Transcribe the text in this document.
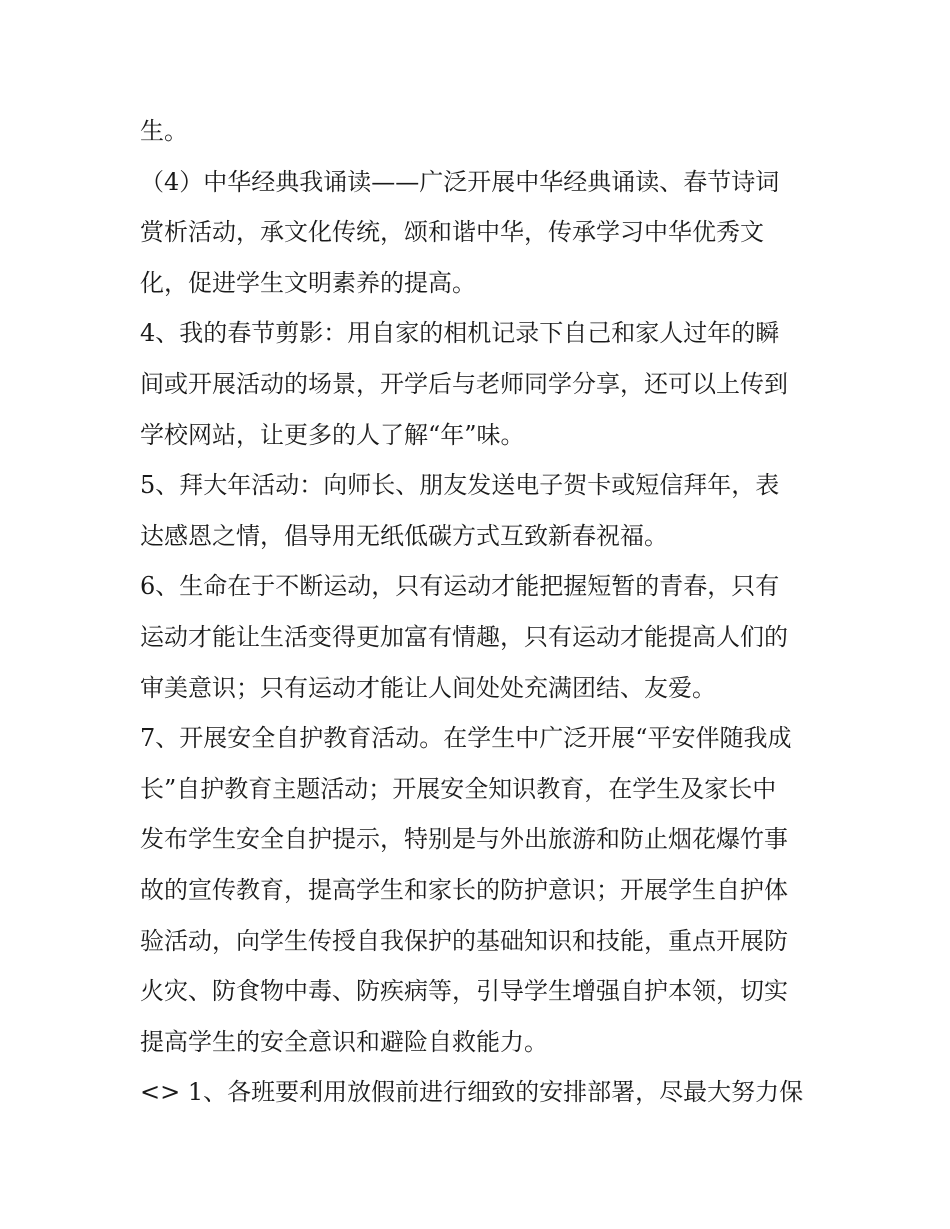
生。
（4）中华经典我诵读——广泛开展中华经典诵读、春节诗词
赏析活动，承文化传统，颂和谐中华，传承学习中华优秀文
化，促进学生文明素养的提高。
4、我的春节剪影：用自家的相机记录下自己和家人过年的瞬
间或开展活动的场景，开学后与老师同学分享，还可以上传到
学校网站，让更多的人了解“年”味。
5、拜大年活动：向师长、朋友发送电子贺卡或短信拜年，表
达感恩之情，倡导用无纸低碳方式互致新春祝福。
6、生命在于不断运动，只有运动才能把握短暂的青春，只有
运动才能让生活变得更加富有情趣，只有运动才能提高人们的
审美意识；只有运动才能让人间处处充满团结、友爱。
7、开展安全自护教育活动。在学生中广泛开展“平安伴随我成
长”自护教育主题活动；开展安全知识教育，在学生及家长中
发布学生安全自护提示，特别是与外出旅游和防止烟花爆竹事
故的宣传教育，提高学生和家长的防护意识；开展学生自护体
验活动，向学生传授自我保护的基础知识和技能，重点开展防
火灾、防食物中毒、防疾病等，引导学生增强自护本领，切实
提高学生的安全意识和避险自救能力。
<> 1、各班要利用放假前进行细致的安排部署，尽最大努力保
